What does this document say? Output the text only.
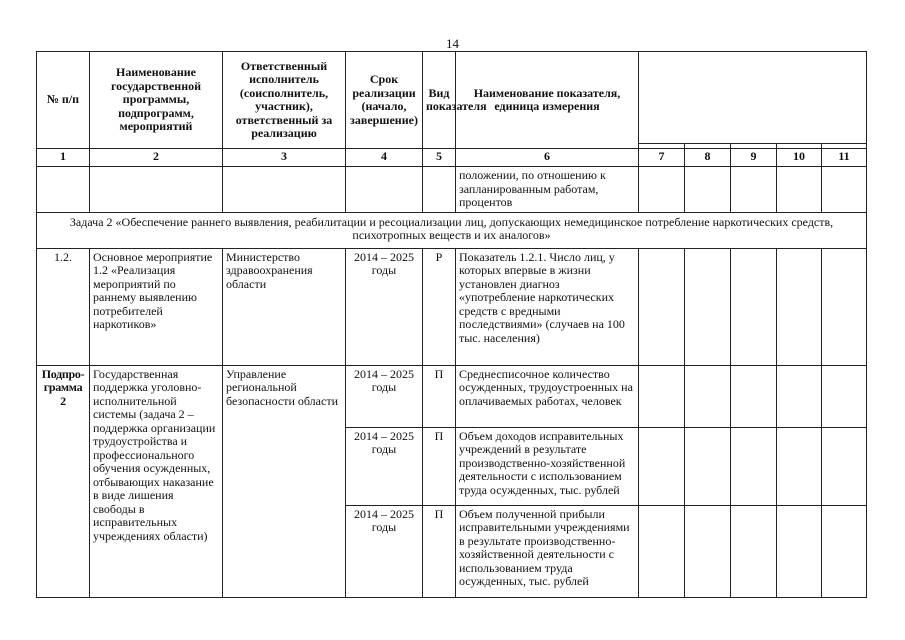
14
№ п/п	Наименование государственной программы, подпрограмм, мероприятий	Ответственный исполнитель (соисполнитель, участник), ответственный за реализацию	Срок реализации (начало, завершение)	Вид показателя	Наименование показателя, единица измерения					

1	2	3	4	5	6	7	8	9	10	11
					положении, по отношению к запланированным работам, процентов					
Задача 2 «Обеспечение раннего выявления, реабилитации и ресоциализации лиц, допускающих немедицинское потребление наркотических средств, психотропных веществ и их аналогов»										
1.2.	Основное мероприятие 1.2 «Реализация мероприятий по раннему выявлению потребителей наркотиков»	Министерство здравоохранения области	2014 – 2025 годы	Р	Показатель 1.2.1. Число лиц, у которых впервые в жизни установлен диагноз «употребление наркотических средств с вредными последствиями» (случаев на 100 тыс. населения)					
Подпро-грамма 2	Государственная поддержка уголовно-исполнительной системы (задача 2 – поддержка организации трудоустройства и профессионального обучения осужденных, отбывающих наказание в виде лишения свободы в исправительных учреждениях области)	Управление региональной безопасности области	2014 – 2025 годы	П	Среднесписочное количество осужденных, трудоустроенных на оплачиваемых работах, человек					
			2014 – 2025 годы	П	Объем доходов исправительных учреждений в результате производственно-хозяйственной деятельности с использованием труда осужденных, тыс. рублей					
			2014 – 2025 годы	П	Объем полученной прибыли исправительными учреждениями в результате производственно-хозяйственной деятельности с использованием труда осужденных, тыс. рублей					
